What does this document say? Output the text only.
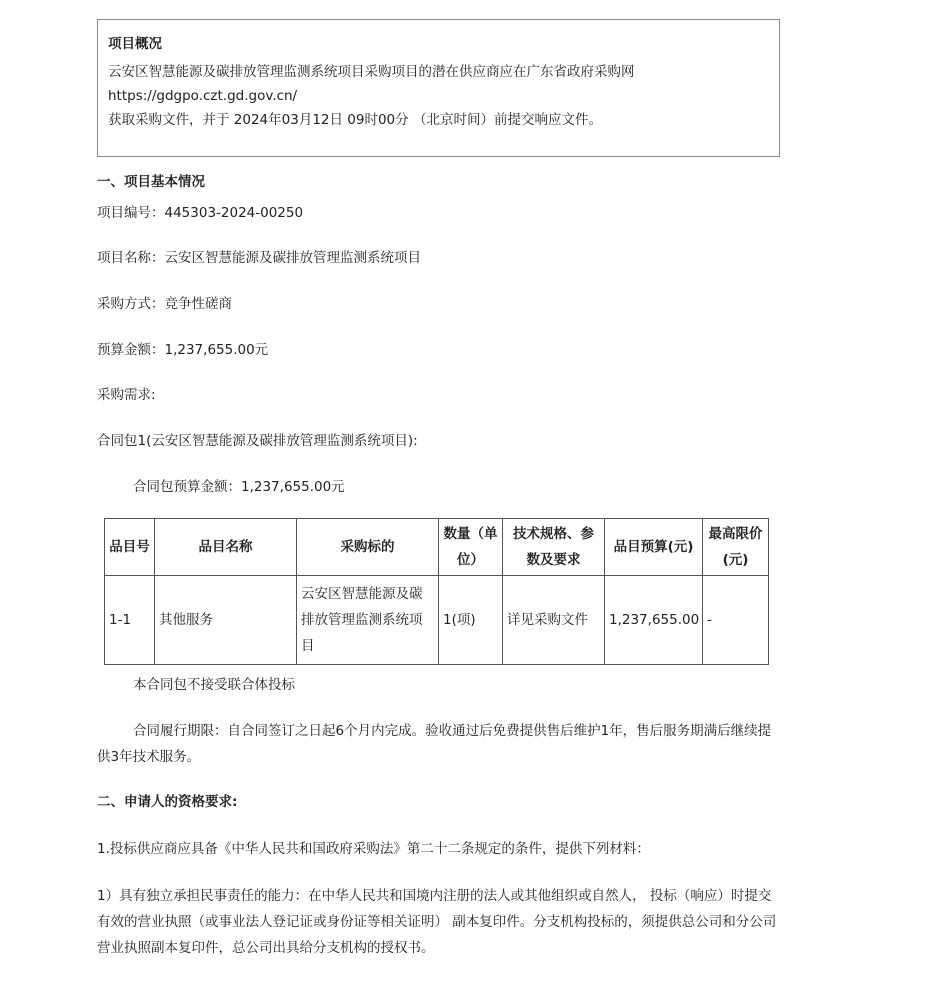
项目概况
云安区智慧能源及碳排放管理监测系统项目采购项目的潜在供应商应在广东省政府采购网
https://gdgpo.czt.gd.gov.cn/
获取采购文件，并于 2024年03月12日 09时00分 （北京时间）前提交响应文件。
一、项目基本情况
项目编号：445303-2024-00250
项目名称：云安区智慧能源及碳排放管理监测系统项目
采购方式：竞争性磋商
预算金额：1,237,655.00元
采购需求:
合同包1(云安区智慧能源及碳排放管理监测系统项目):
合同包预算金额：1,237,655.00元
品目号	品目名称	采购标的	数量（单位）	技术规格、参数及要求	品目预算(元)	最高限价(元)
1-1	其他服务	云安区智慧能源及碳排放管理监测系统项目	1(项)	详见采购文件	1,237,655.00	-
本合同包不接受联合体投标
合同履行期限：自合同签订之日起6个月内完成。验收通过后免费提供售后维护1年，售后服务期满后继续提供3年技术服务。
二、申请人的资格要求:
1.投标供应商应具备《中华人民共和国政府采购法》第二十二条规定的条件，提供下列材料：
1）具有独立承担民事责任的能力：在中华人民共和国境内注册的法人或其他组织或自然人， 投标（响应）时提交有效的营业执照（或事业法人登记证或身份证等相关证明） 副本复印件。分支机构投标的，须提供总公司和分公司营业执照副本复印件，总公司出具给分支机构的授权书。
